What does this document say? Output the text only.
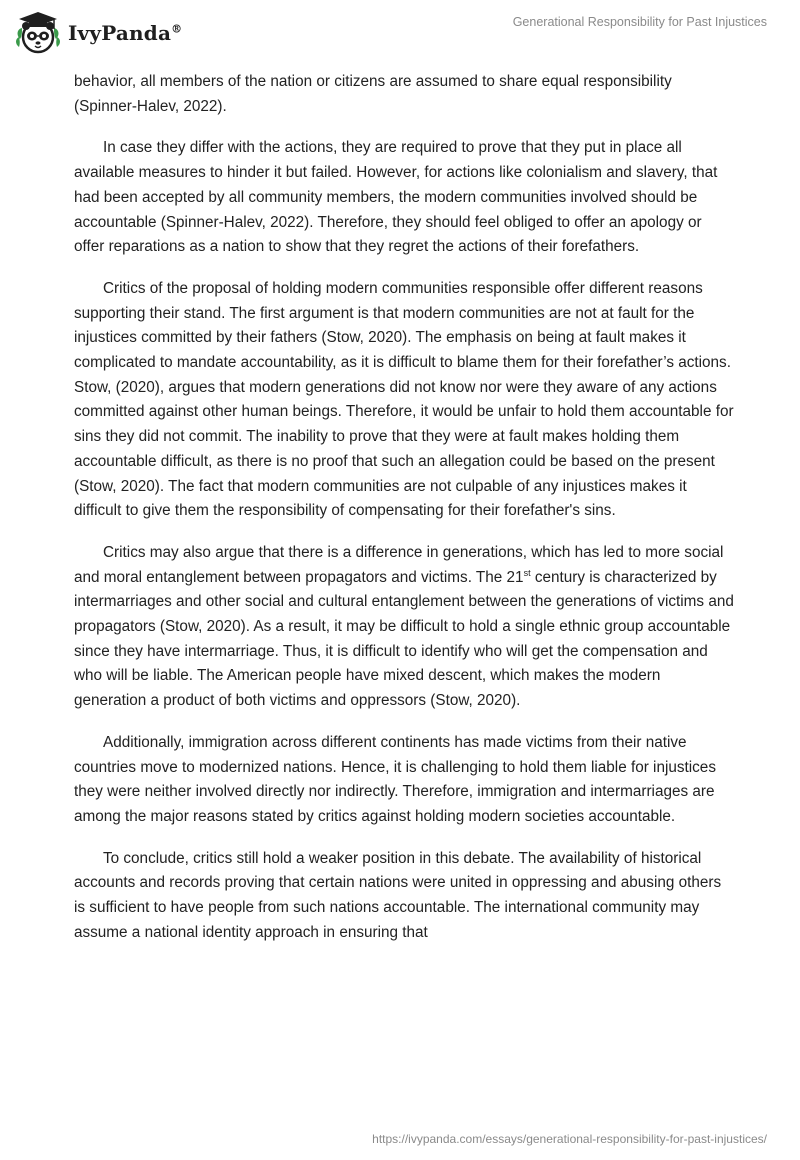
IvyPanda®	Generational Responsibility for Past Injustices

behavior, all members of the nation or citizens are assumed to share equal responsibility (Spinner-Halev, 2022).

In case they differ with the actions, they are required to prove that they put in place all available measures to hinder it but failed. However, for actions like colonialism and slavery, that had been accepted by all community members, the modern communities involved should be accountable (Spinner-Halev, 2022). Therefore, they should feel obliged to offer an apology or offer reparations as a nation to show that they regret the actions of their forefathers.

Critics of the proposal of holding modern communities responsible offer different reasons supporting their stand. The first argument is that modern communities are not at fault for the injustices committed by their fathers (Stow, 2020). The emphasis on being at fault makes it complicated to mandate accountability, as it is difficult to blame them for their forefather’s actions. Stow, (2020), argues that modern generations did not know nor were they aware of any actions committed against other human beings. Therefore, it would be unfair to hold them accountable for sins they did not commit. The inability to prove that they were at fault makes holding them accountable difficult, as there is no proof that such an allegation could be based on the present (Stow, 2020). The fact that modern communities are not culpable of any injustices makes it difficult to give them the responsibility of compensating for their forefather's sins.

Critics may also argue that there is a difference in generations, which has led to more social and moral entanglement between propagators and victims. The 21st century is characterized by intermarriages and other social and cultural entanglement between the generations of victims and propagators (Stow, 2020). As a result, it may be difficult to hold a single ethnic group accountable since they have intermarriage. Thus, it is difficult to identify who will get the compensation and who will be liable. The American people have mixed descent, which makes the modern generation a product of both victims and oppressors (Stow, 2020).

Additionally, immigration across different continents has made victims from their native countries move to modernized nations. Hence, it is challenging to hold them liable for injustices they were neither involved directly nor indirectly. Therefore, immigration and intermarriages are among the major reasons stated by critics against holding modern societies accountable.

To conclude, critics still hold a weaker position in this debate. The availability of historical accounts and records proving that certain nations were united in oppressing and abusing others is sufficient to have people from such nations accountable. The international community may assume a national identity approach in ensuring that

https://ivypanda.com/essays/generational-responsibility-for-past-injustices/
